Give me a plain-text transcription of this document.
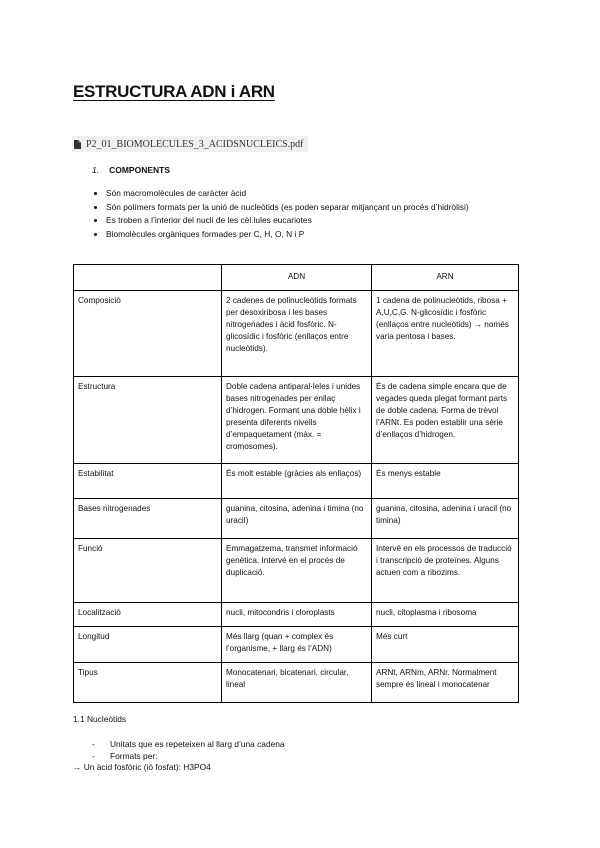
ESTRUCTURA ADN i ARN
P2_01_BIOMOLECULES_3_ACIDSNUCLEICS.pdf
1. COMPONENTS
• Són macromolècules de caràcter àcid
• Són polímers formats per la unió de nucleòtids (es poden separar mitjançant un procés d’hidròlisi)
• Es troben a l’interior del nucli de les cèl.lules eucariotes
• Biomolècules orgàniques formades per C, H, O, N i P
	ADN	ARN
Composició	2 cadenes de polinucleòtids formats per desoxiribosa i les bases nitrogenades i àcid fosfòric. N-glicosídic i fosfòric (enllaços entre nucleòtids).	1 cadena de polinucleòtids, ribosa + A,U,C,G. N-glicosídic i fosfòric (enllaços entre nucleòtids) → només varia pentosa i bases.
Estructura	Doble cadena antiparal·leles i unides bases nitrogenades per enllaç d’hidrogen. Formant una doble hèlix i presenta diferents nivells d’empaquetament (màx. = cromosomes).	És de cadena simple encara que de vegades queda plegat formant parts de doble cadena. Forma de trèvol l’ARNt. Es poden establir una sèrie d’enllaços d’hidrogen.
Estabilitat	És molt estable (gràcies als enllaços)	És menys estable
Bases nitrogenades	guanina, citosina, adenina i timina (no uracil)	guanina, citosina, adenina i uracil (no timina)
Funció	Emmagatzema, transmet informació genètica. Intervé en el procés de duplicació.	Intervé en els processos de traducció i transcripció de proteïnes. Alguns actuen com a ribozims.
Localització	nucli, mitocondris i cloroplasts	nucli, citoplasma i ribosoma
Longitud	Més llarg (quan + complex és l’organisme, + llarg és l’ADN)	Més curt
Tipus	Monocatenari, bicatenari, circular, lineal	ARNt, ARNm, ARNr. Normalment sempre és lineal i monocatenar
1.1 Nucleòtids
- Unitats que es repeteixen al llarg d’una cadena
- Formats per:
→ Un àcid fosfòric (ió fosfat): H3PO4
